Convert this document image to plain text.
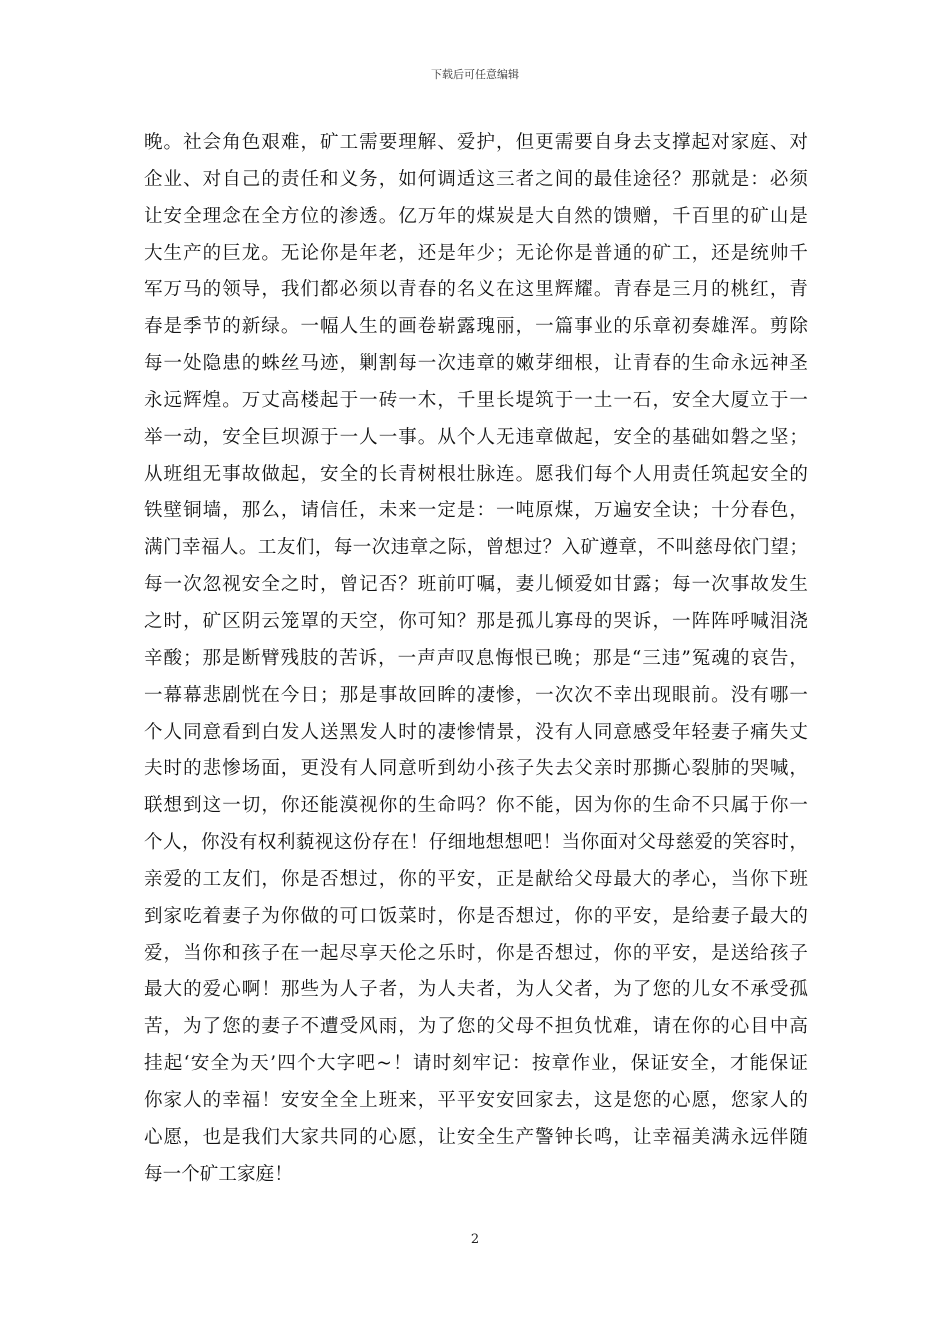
下载后可任意编辑
晚。社会角色艰难，矿工需要理解、爱护，但更需要自身去支撑起对家庭、对
企业、对自己的责任和义务，如何调适这三者之间的最佳途径？那就是：必须
让安全理念在全方位的渗透。亿万年的煤炭是大自然的馈赠，千百里的矿山是
大生产的巨龙。无论你是年老，还是年少；无论你是普通的矿工，还是统帅千
军万马的领导，我们都必须以青春的名义在这里辉耀。青春是三月的桃红，青
春是季节的新绿。一幅人生的画卷崭露瑰丽，一篇事业的乐章初奏雄浑。剪除
每一处隐患的蛛丝马迹，剿割每一次违章的嫩芽细根，让青春的生命永远神圣
永远辉煌。万丈高楼起于一砖一木，千里长堤筑于一土一石，安全大厦立于一
举一动，安全巨坝源于一人一事。从个人无违章做起，安全的基础如磐之坚；
从班组无事故做起，安全的长青树根壮脉连。愿我们每个人用责任筑起安全的
铁壁铜墙，那么，请信任，未来一定是：一吨原煤，万遍安全诀；十分春色，
满门幸福人。工友们，每一次违章之际，曾想过？入矿遵章，不叫慈母依门望；
每一次忽视安全之时，曾记否？班前叮嘱，妻儿倾爱如甘露；每一次事故发生
之时，矿区阴云笼罩的天空，你可知？那是孤儿寡母的哭诉，一阵阵呼喊泪浇
辛酸；那是断臂残肢的苦诉，一声声叹息悔恨已晚；那是“三违”冤魂的哀告，
一幕幕悲剧恍在今日；那是事故回眸的凄惨，一次次不幸出现眼前。没有哪一
个人同意看到白发人送黑发人时的凄惨情景，没有人同意感受年轻妻子痛失丈
夫时的悲惨场面，更没有人同意听到幼小孩子失去父亲时那撕心裂肺的哭喊，
联想到这一切，你还能漠视你的生命吗？你不能，因为你的生命不只属于你一
个人，你没有权利藐视这份存在！仔细地想想吧！当你面对父母慈爱的笑容时，
亲爱的工友们，你是否想过，你的平安，正是献给父母最大的孝心，当你下班
到家吃着妻子为你做的可口饭菜时，你是否想过，你的平安，是给妻子最大的
爱，当你和孩子在一起尽享天伦之乐时，你是否想过，你的平安，是送给孩子
最大的爱心啊！那些为人子者，为人夫者，为人父者，为了您的儿女不承受孤
苦，为了您的妻子不遭受风雨，为了您的父母不担负忧难，请在你的心目中高
挂起‘安全为天’四个大字吧~！请时刻牢记：按章作业，保证安全，才能保证
你家人的幸福！安安全全上班来，平平安安回家去，这是您的心愿，您家人的
心愿，也是我们大家共同的心愿，让安全生产警钟长鸣，让幸福美满永远伴随
每一个矿工家庭！
2
